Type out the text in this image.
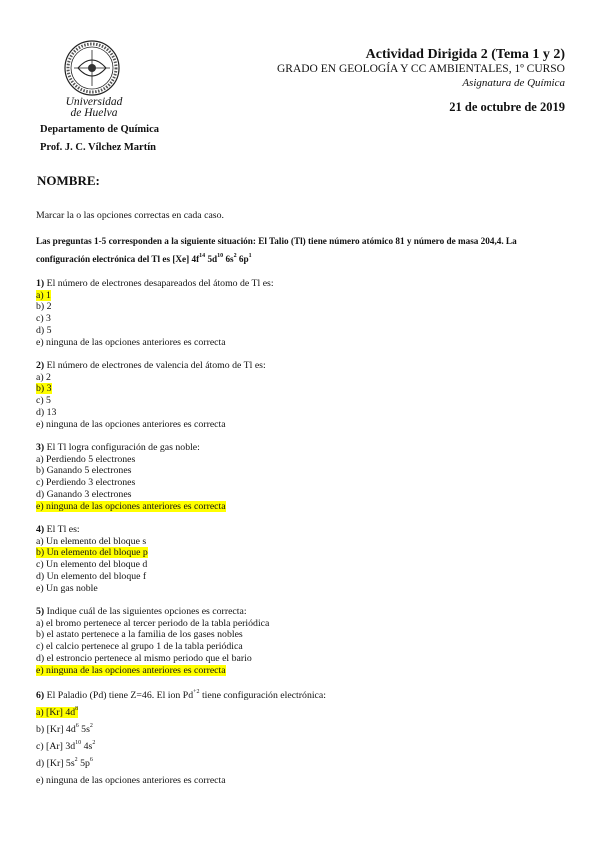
Universidad de Huelva
Departamento de Química
Prof. J. C. Vílchez Martín
Actividad Dirigida 2 (Tema 1 y 2)
GRADO EN GEOLOGÍA Y CC AMBIENTALES, 1º CURSO
Asignatura de Química
21 de octubre de 2019
NOMBRE:
Marcar la o las opciones correctas en cada caso.
Las preguntas 1-5 corresponden a la siguiente situación: El Talio (Tl) tiene número atómico 81 y número de masa 204,4. La configuración electrónica del Tl es [Xe] $4f^{14}$ $5d^{10}$ $6s^2$ $6p^1$
1) El número de electrones desapareados del átomo de Tl es:
a) 1
b) 2
c) 3
d) 5
e) ninguna de las opciones anteriores es correcta
2) El número de electrones de valencia del átomo de Tl es:
a) 2
b) 3
c) 5
d) 13
e) ninguna de las opciones anteriores es correcta
3) El Tl logra configuración de gas noble:
a) Perdiendo 5 electrones
b) Ganando 5 electrones
c) Perdiendo 3 electrones
d) Ganando 3 electrones
e) ninguna de las opciones anteriores es correcta
4) El Tl es:
a) Un elemento del bloque s
b) Un elemento del bloque p
c) Un elemento del bloque d
d) Un elemento del bloque f
e) Un gas noble
5) Indique cuál de las siguientes opciones es correcta:
a) el bromo pertenece al tercer periodo de la tabla periódica
b) el astato pertenece a la familia de los gases nobles
c) el calcio pertenece al grupo 1 de la tabla periódica
d) el estroncio pertenece al mismo periodo que el bario
e) ninguna de las opciones anteriores es correcta
6) El Paladio (Pd) tiene Z=46. El ion $Pd^{+2}$ tiene configuración electrónica:
a) [Kr] $4d^8$
b) [Kr] $4d^6$ $5s^2$
c) [Ar] $3d^{10}$ $4s^2$
d) [Kr] $5s^2$ $5p^6$
e) ninguna de las opciones anteriores es correcta
